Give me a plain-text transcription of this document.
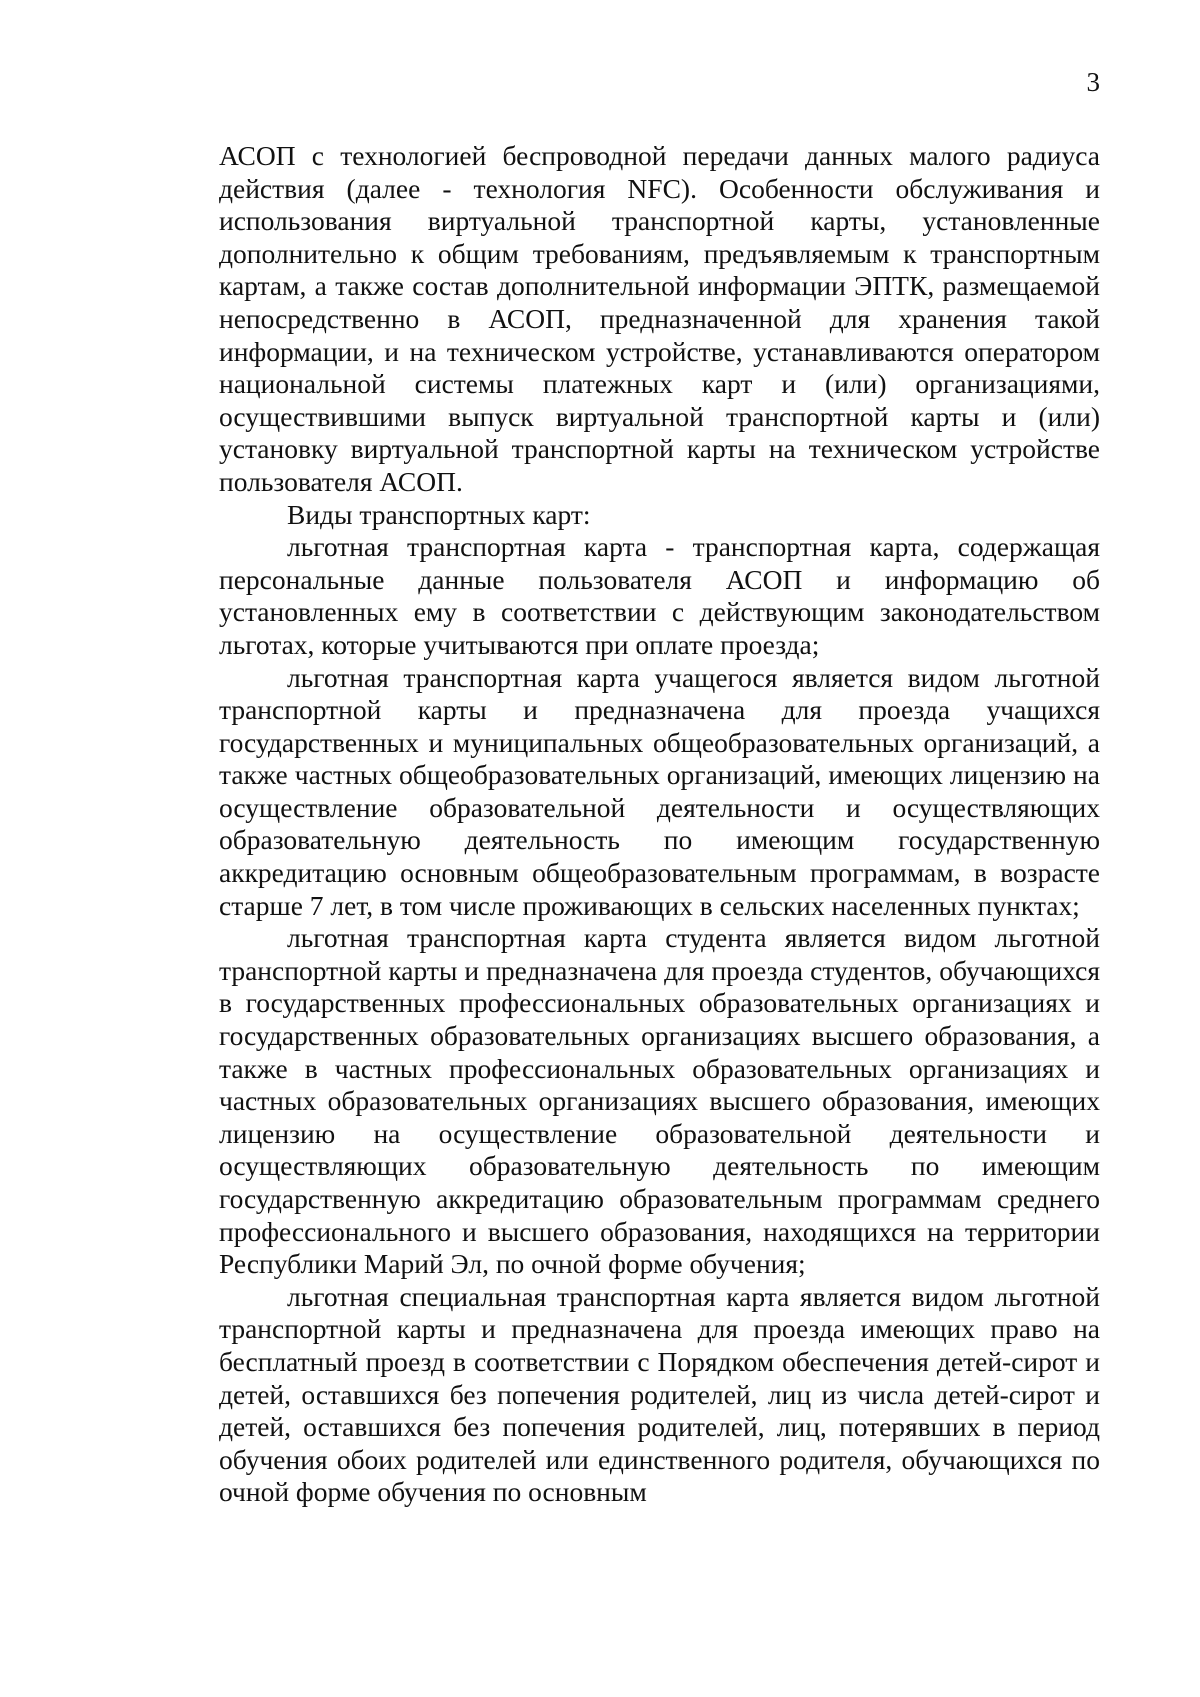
3

АСОП с технологией беспроводной передачи данных малого радиуса действия (далее - технология NFC). Особенности обслуживания и использования виртуальной транспортной карты, установленные дополнительно к общим требованиям, предъявляемым к транспортным картам, а также состав дополнительной информации ЭПТК, размещаемой непосредственно в АСОП, предназначенной для хранения такой информации, и на техническом устройстве, устанавливаются оператором национальной системы платежных карт и (или) организациями, осуществившими выпуск виртуальной транспортной карты и (или) установку виртуальной транспортной карты на техническом устройстве пользователя АСОП.

Виды транспортных карт:

льготная транспортная карта - транспортная карта, содержащая персональные данные пользователя АСОП и информацию об установленных ему в соответствии с действующим законодательством льготах, которые учитываются при оплате проезда;

льготная транспортная карта учащегося является видом льготной транспортной карты и предназначена для проезда учащихся государственных и муниципальных общеобразовательных организаций, а также частных общеобразовательных организаций, имеющих лицензию на осуществление образовательной деятельности и осуществляющих образовательную деятельность по имеющим государственную аккредитацию основным общеобразовательным программам, в возрасте старше 7 лет, в том числе проживающих в сельских населенных пунктах;

льготная транспортная карта студента является видом льготной транспортной карты и предназначена для проезда студентов, обучающихся в государственных профессиональных образовательных организациях и государственных образовательных организациях высшего образования, а также в частных профессиональных образовательных организациях и частных образовательных организациях высшего образования, имеющих лицензию на осуществление образовательной деятельности и осуществляющих образовательную деятельность по имеющим государственную аккредитацию образовательным программам среднего профессионального и высшего образования, находящихся на территории Республики Марий Эл, по очной форме обучения;

льготная специальная транспортная карта является видом льготной транспортной карты и предназначена для проезда имеющих право на бесплатный проезд в соответствии с Порядком обеспечения детей-сирот и детей, оставшихся без попечения родителей, лиц из числа детей-сирот и детей, оставшихся без попечения родителей, лиц, потерявших в период обучения обоих родителей или единственного родителя, обучающихся по очной форме обучения по основным
